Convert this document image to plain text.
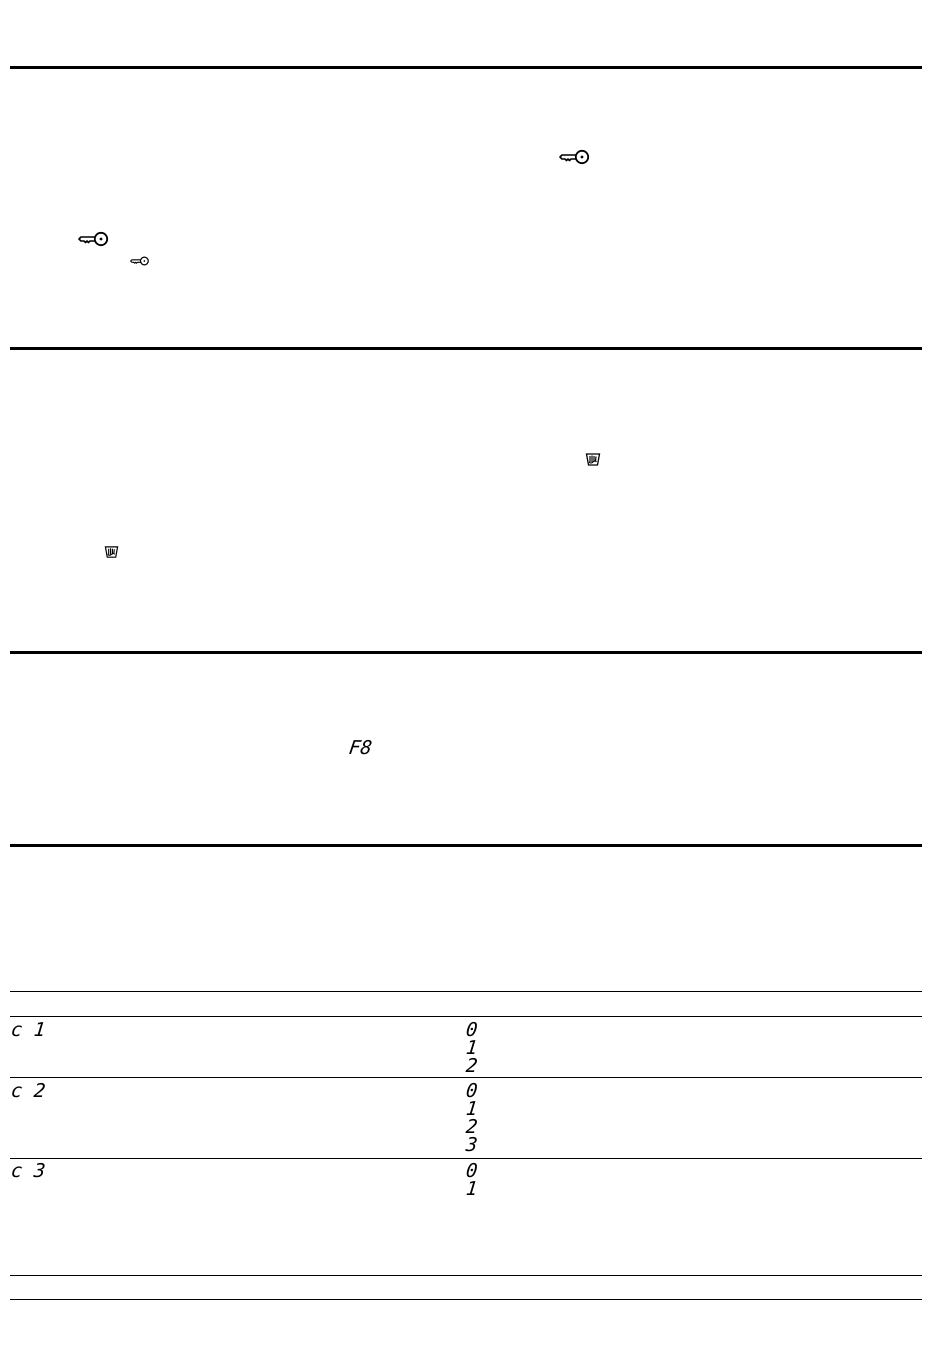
F8
c 1	0
1
2
c 2	0
1
2
3
c 3	0
1
